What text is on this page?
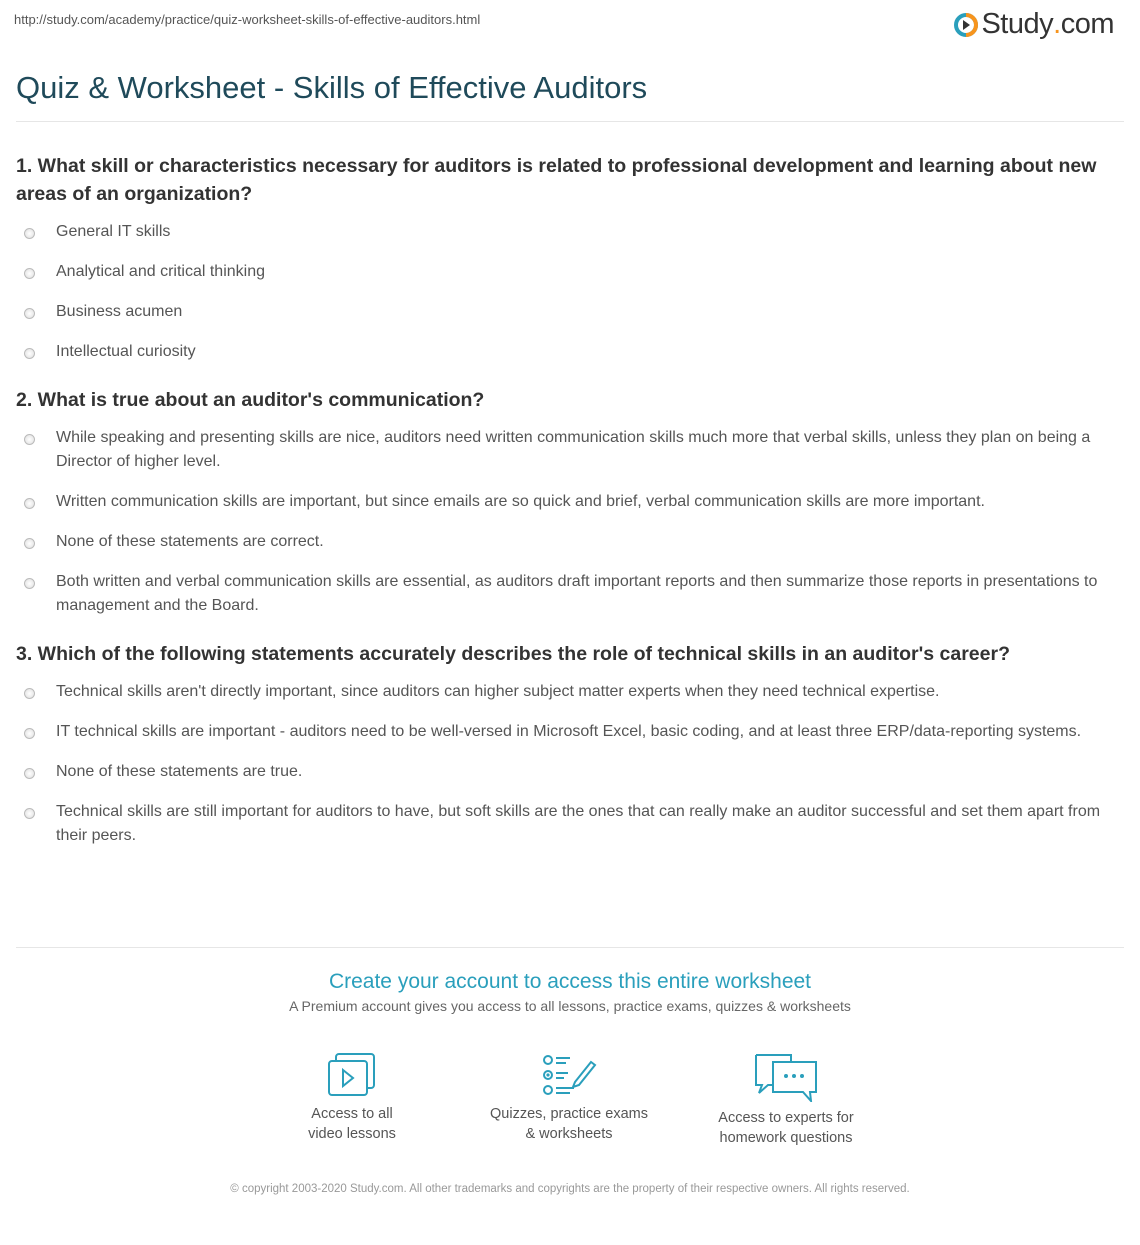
http://study.com/academy/practice/quiz-worksheet-skills-of-effective-auditors.html	Study . com
Quiz & Worksheet - Skills of Effective Auditors
1. What skill or characteristics necessary for auditors is related to professional development and learning about new areas of an organization?
General IT skills
Analytical and critical thinking
Business acumen
Intellectual curiosity
2. What is true about an auditor's communication?
While speaking and presenting skills are nice, auditors need written communication skills much more that verbal skills, unless they plan on being a Director of higher level.
Written communication skills are important, but since emails are so quick and brief, verbal communication skills are more important.
None of these statements are correct.
Both written and verbal communication skills are essential, as auditors draft important reports and then summarize those reports in presentations to management and the Board.
3. Which of the following statements accurately describes the role of technical skills in an auditor's career?
Technical skills aren't directly important, since auditors can higher subject matter experts when they need technical expertise.
IT technical skills are important - auditors need to be well-versed in Microsoft Excel, basic coding, and at least three ERP/data-reporting systems.
None of these statements are true.
Technical skills are still important for auditors to have, but soft skills are the ones that can really make an auditor successful and set them apart from their peers.
Create your account to access this entire worksheet
A Premium account gives you access to all lessons, practice exams, quizzes & worksheets
Access to all
video lessons
Quizzes, practice exams
& worksheets
Access to experts for
homework questions
© copyright 2003-2020 Study.com. All other trademarks and copyrights are the property of their respective owners. All rights reserved.
